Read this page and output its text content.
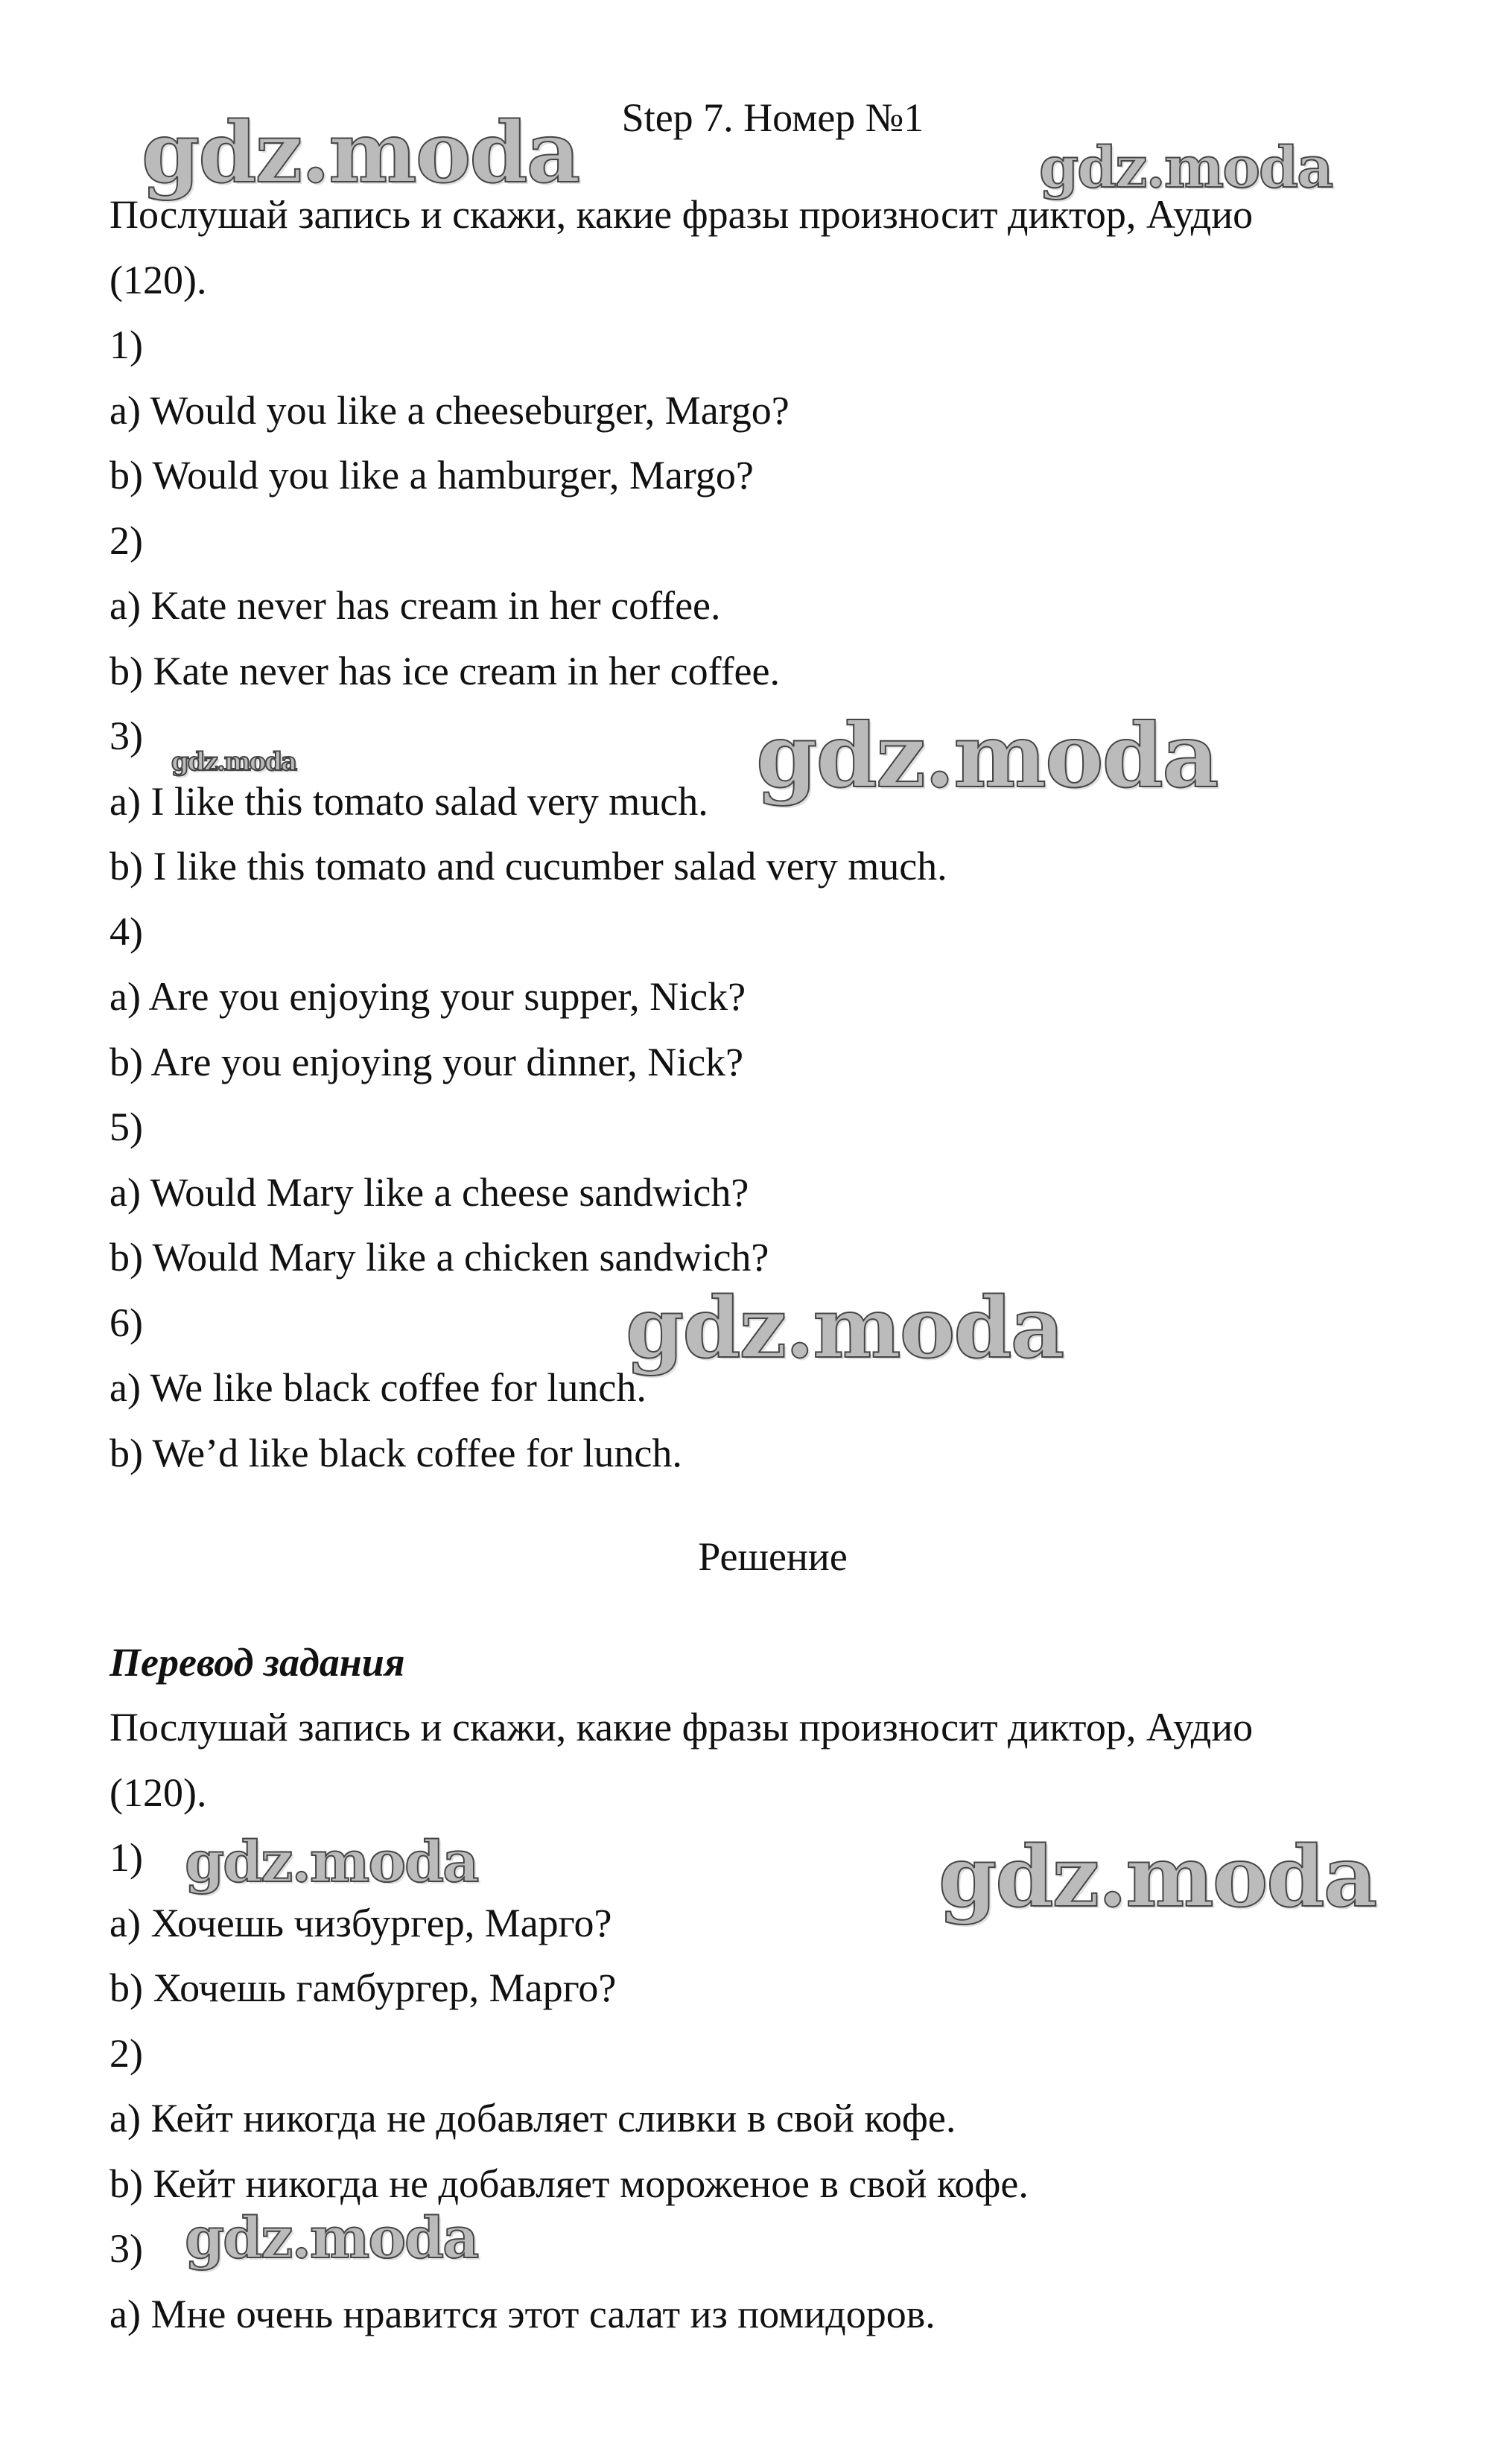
gdz.moda	gdz.moda
gdz.moda	gdz.moda
gdz.moda
gdz.moda	gdz.moda
gdz.moda
Step 7. Номер №1
Послушай запись и скажи, какие фразы произносит диктор, Аудио
(120).
1)
a) Would you like a cheeseburger, Margo?
b) Would you like a hamburger, Margo?
2)
a) Kate never has cream in her coffee.
b) Kate never has ice cream in her coffee.
3)
a) I like this tomato salad very much.
b) I like this tomato and cucumber salad very much.
4)
a) Are you enjoying your supper, Nick?
b) Are you enjoying your dinner, Nick?
5)
a) Would Mary like a cheese sandwich?
b) Would Mary like a chicken sandwich?
6)
a) We like black coffee for lunch.
b) We’d like black coffee for lunch.
Решение
Перевод задания
Послушай запись и скажи, какие фразы произносит диктор, Аудио
(120).
1)
a) Хочешь чизбургер, Марго?
b) Хочешь гамбургер, Марго?
2)
a) Кейт никогда не добавляет сливки в свой кофе.
b) Кейт никогда не добавляет мороженое в свой кофе.
3)
a) Мне очень нравится этот салат из помидоров.
